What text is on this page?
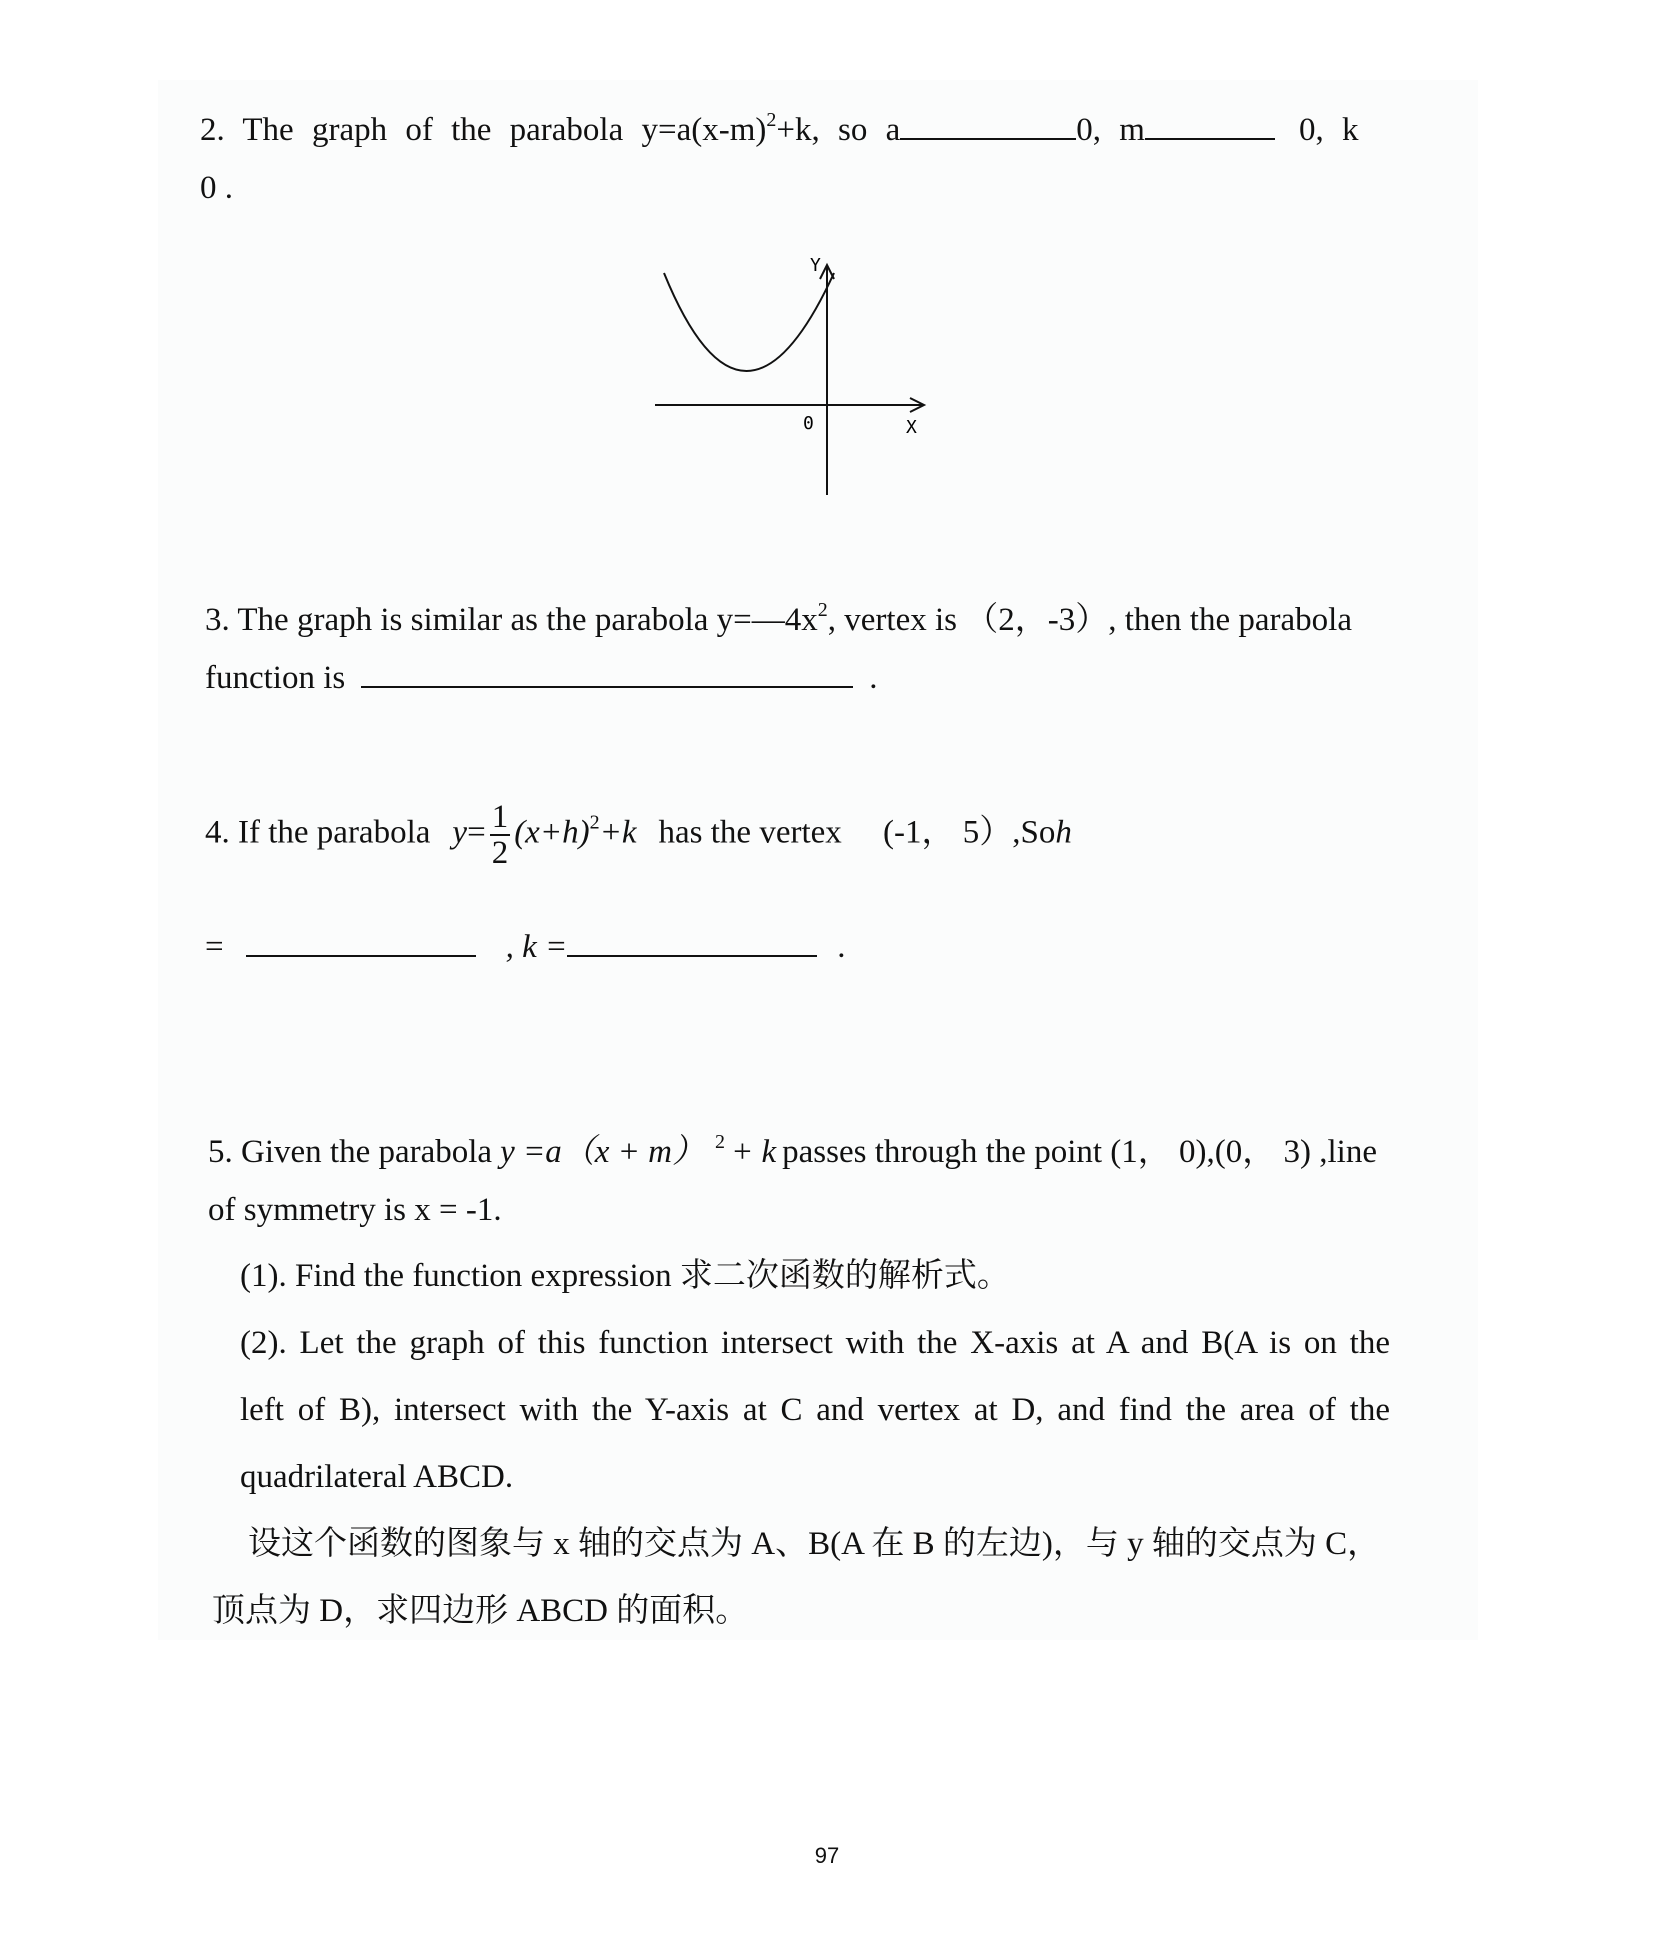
2. The graph of the parabola $y=a(x-m)^2+k$, so a	0, m	0, k
0 .
Y
X
0
3. The graph is similar as the parabola $y=—4x^2$, vertex is （2，-3）, then the parabola
function is	.
4. If the parabola $y= \frac{1}{2} (x+h)^2+k$ has the vertex 　(-1， 5）,Soh
=	, k =	.
5. Given the parabola y =a（x + m） $^2$ + k passes through the point (1， 0),(0， 3) ,line
of symmetry is x = -1.
(1). Find the function expression 求二次函数的解析式。
(2). Let the graph of this function intersect with the X-axis at A and B(A is on the
left of B), intersect with the Y-axis at C and vertex at D, and find the area of the
quadrilateral ABCD.
设这个函数的图象与 x 轴的交点为 A、B(A 在 B 的左边)，与 y 轴的交点为 C，
顶点为 D，求四边形 ABCD 的面积。
97
